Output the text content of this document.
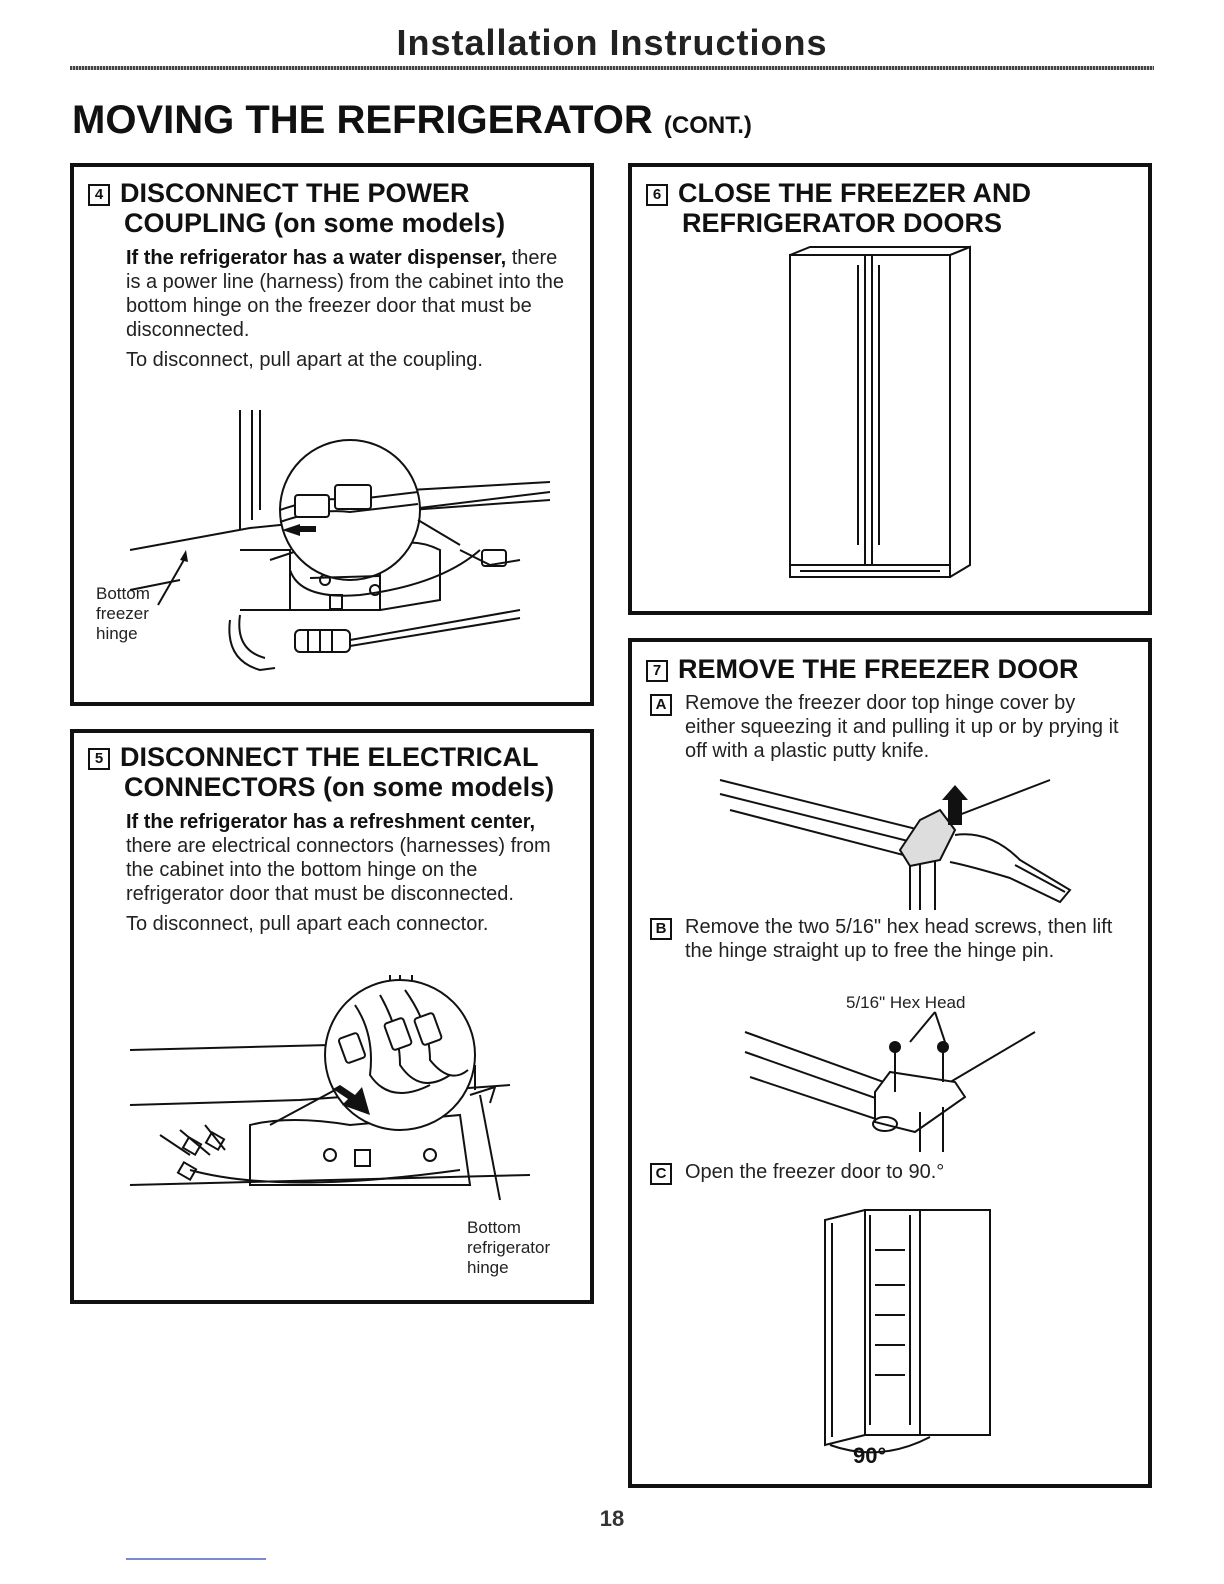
Installation Instructions
MOVING THE REFRIGERATOR (CONT.)
4 DISCONNECT THE POWER
COUPLING (on some models)

If the refrigerator has a water dispenser, there is a power line (harness) from the cabinet into the bottom hinge on the freezer door that must be disconnected.

To disconnect, pull apart at the coupling.

Bottom freezer hinge
5 DISCONNECT THE ELECTRICAL
CONNECTORS (on some models)

If the refrigerator has a refreshment center, there are electrical connectors (harnesses) from the cabinet into the bottom hinge on the refrigerator door that must be disconnected.

To disconnect, pull apart each connector.

Bottom refrigerator hinge
6 CLOSE THE FREEZER AND
REFRIGERATOR DOORS
7 REMOVE THE FREEZER DOOR
A Remove the freezer door top hinge cover by either squeezing it and pulling it up or by prying it off with a plastic putty knife.
B Remove the two 5/16" hex head screws, then lift the hinge straight up to free the hinge pin.
5/16" Hex Head
C Open the freezer door to 90.°
90°
18
